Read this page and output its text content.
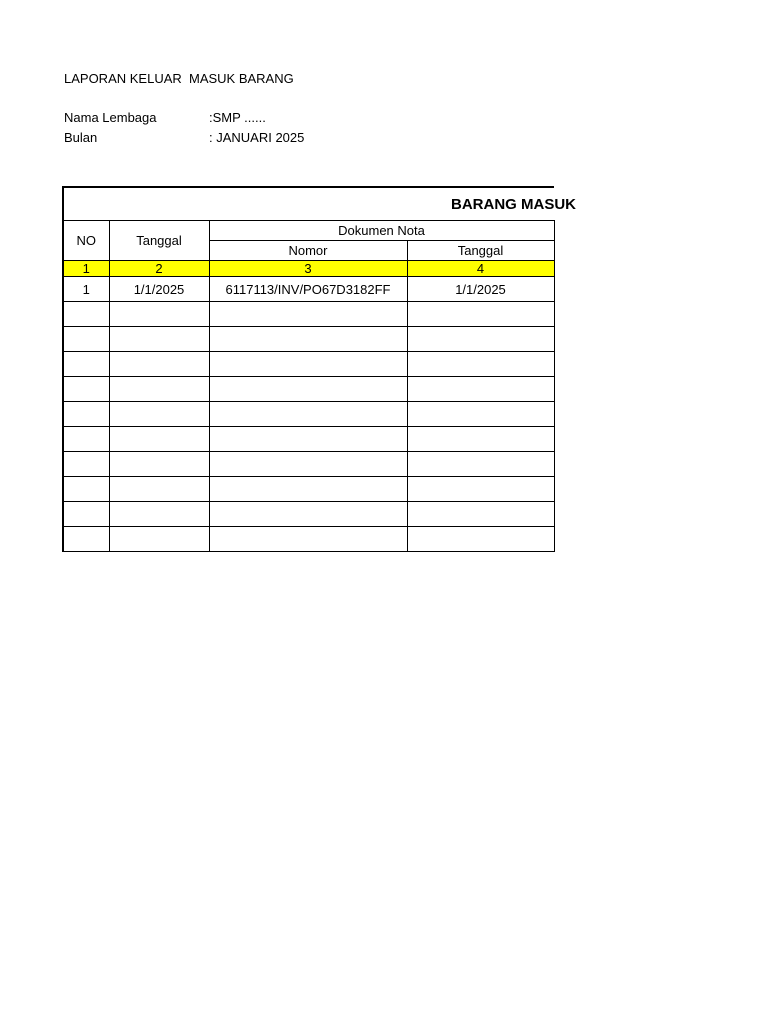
LAPORAN KELUAR  MASUK BARANG
Nama Lembaga	:SMP ......
Bulan	: JANUARI 2025
BARANG MASUK			
NO	Tanggal	Dokumen Nota	
		Nomor	Tanggal
1	2	3	4
1	1/1/2025	6117113/INV/PO67D3182FF	1/1/2025
